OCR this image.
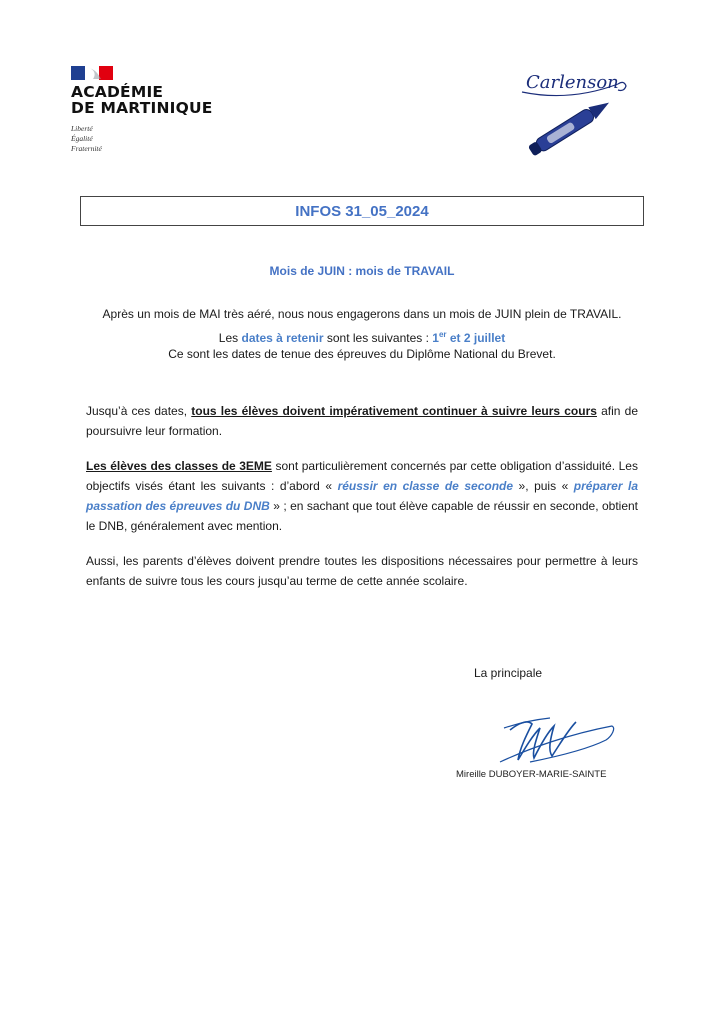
ACADÉMIE
DE MARTINIQUE
Liberté
Égalité
Fraternité
Carlenson
INFOS 31_05_2024
Mois de JUIN : mois de TRAVAIL
Après un mois de MAI très aéré, nous nous engagerons dans un mois de JUIN plein de TRAVAIL.
Les dates à retenir sont les suivantes : 1er et 2 juillet
Ce sont les dates de tenue des épreuves du Diplôme National du Brevet.
Jusqu’à ces dates, tous les élèves doivent impérativement continuer à suivre leurs cours afin de poursuivre leur formation.
Les élèves des classes de 3EME sont particulièrement concernés par cette obligation d’assiduité. Les objectifs visés étant les suivants : d’abord « réussir en classe de seconde », puis « préparer la passation des épreuves du DNB » ; en sachant que tout élève capable de réussir en seconde, obtient le DNB, généralement avec mention.
Aussi, les parents d’élèves doivent prendre toutes les dispositions nécessaires pour permettre à leurs enfants de suivre tous les cours jusqu’au terme de cette année scolaire.
La principale
Mireille DUBOYER-MARIE-SAINTE
